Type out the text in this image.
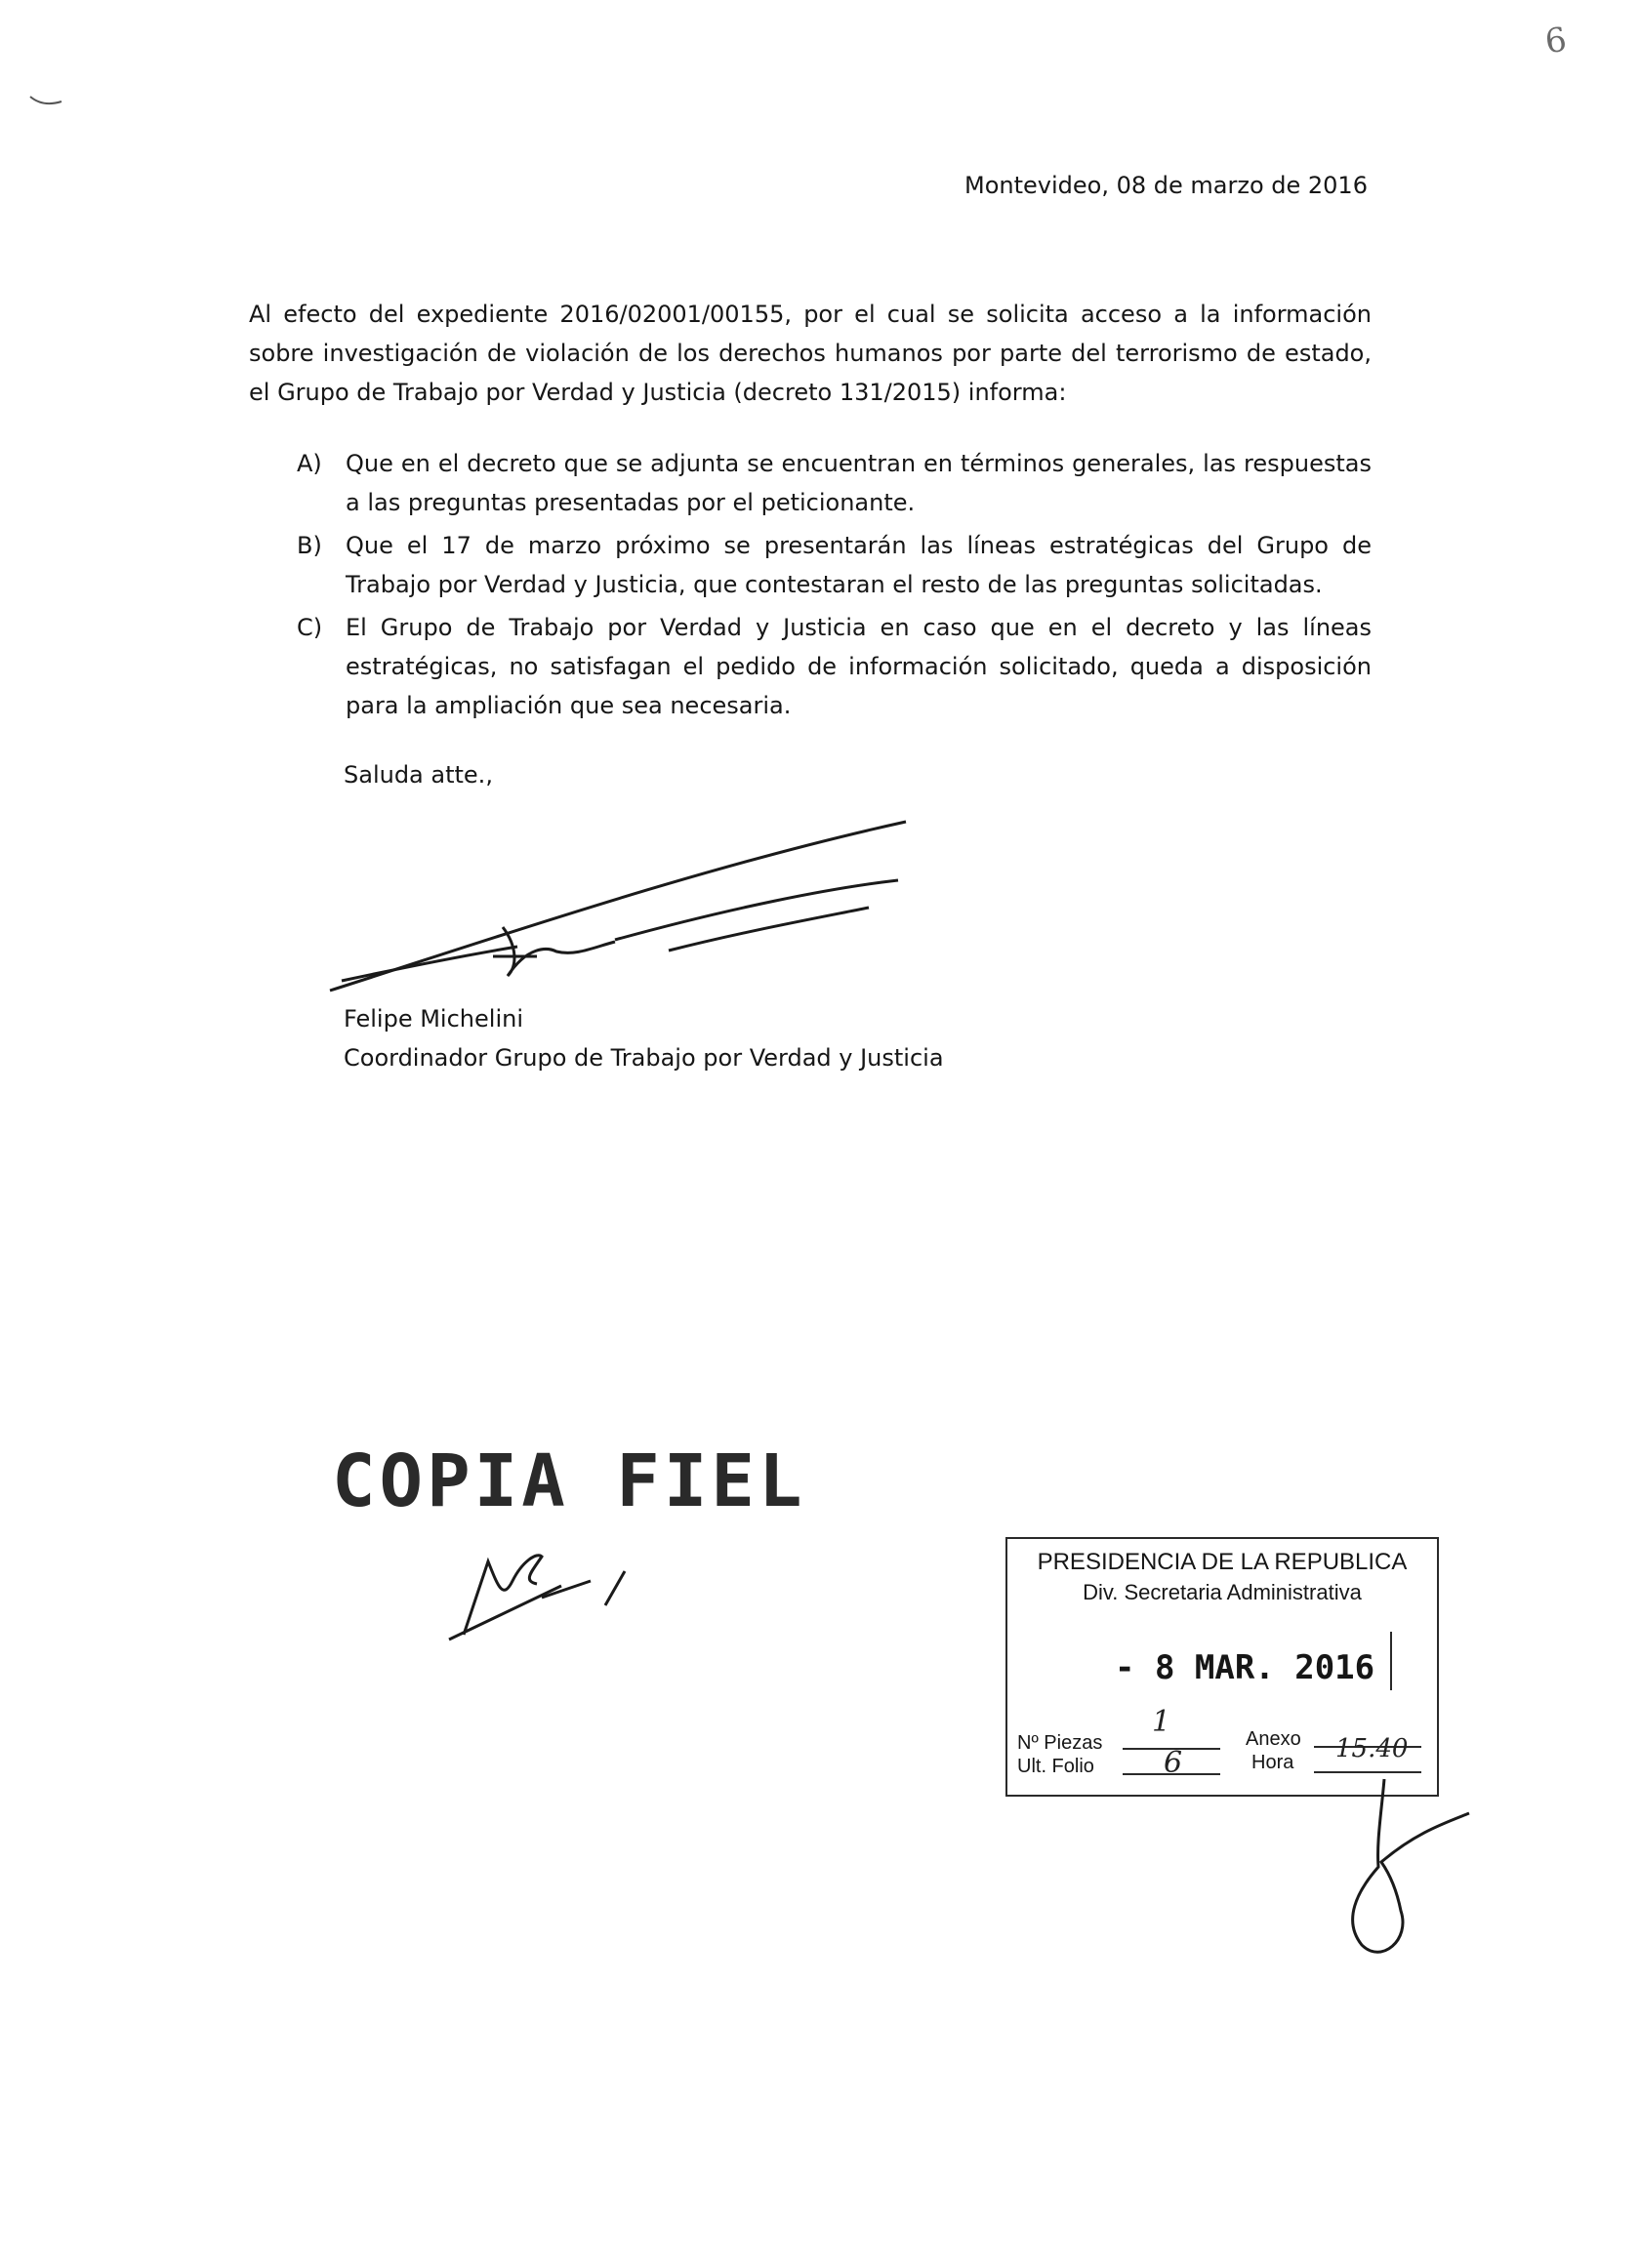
6
Montevideo, 08 de marzo de 2016
Al efecto del expediente 2016/02001/00155, por el cual se solicita acceso a la información
sobre investigación de violación de los derechos humanos por parte del terrorismo de estado,
el Grupo de Trabajo por Verdad y Justicia (decreto 131/2015) informa:
A) Que en el decreto que se adjunta se encuentran en términos generales, las respuestas
a las preguntas presentadas por el peticionante.
B) Que el 17 de marzo próximo se presentarán las líneas estratégicas del Grupo de
Trabajo por Verdad y Justicia, que contestaran el resto de las preguntas solicitadas.
C) El Grupo de Trabajo por Verdad y Justicia en caso que en el decreto y las líneas
estratégicas, no satisfagan el pedido de información solicitado, queda a disposición
para la ampliación que sea necesaria.
Saluda atte.,
Felipe Michelini
Coordinador Grupo de Trabajo por Verdad y Justicia
COPIA FIEL
PRESIDENCIA DE LA REPUBLICA
Div. Secretaria Administrativa
- 8 MAR. 2016
Nº Piezas
1
Ult. Folio 6
Anexo
Hora 15.40
